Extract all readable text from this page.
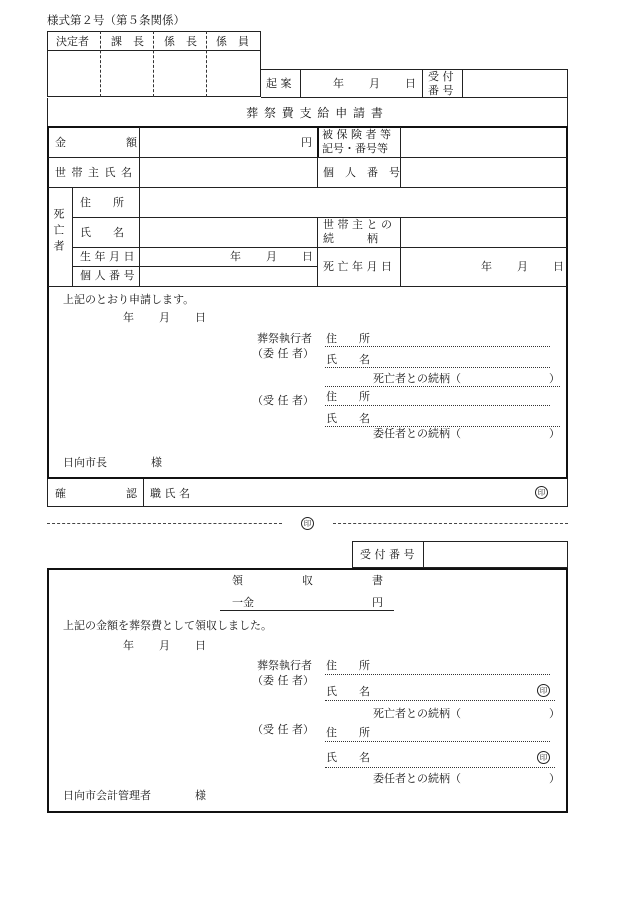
様式第２号（第５条関係）
決定者 課　長 係　長 係　員
起 案	年　　月　　日
受 付
番 号
葬 祭 費 支 給 申 請 書
金	額	円
被 保 険 者 等
記号・番号等
世 帯 主 氏 名	個　人　番　号
死亡者
住　　所
氏　　名
世 帯 主 と の
続　　　柄
生 年 月 日	年　　月　　日
個 人 番 号
死 亡 年 月 日	年　　月　　日
上記のとおり申請します。
年　　月　　日
葬祭執行者
（委 任 者）
住　　所
氏　　名
死亡者との続柄（　　　　　　　　）
（受 任 者） 住　　所
氏　　名
委任者との続柄（　　　　　　　　）
日向市長　　　　様
確	認 職 氏 名	印
印
受 付 番 号
領	収	書
一金	円
上記の金額を葬祭費として領収しました。
年　　月　　日
葬祭執行者
（委 任 者）
住　　所
氏　　名	印
死亡者との続柄（　　　　　　　　）
（受 任 者） 住　　所
氏　　名	印
委任者との続柄（　　　　　　　　）
日向市会計管理者　　　　様
